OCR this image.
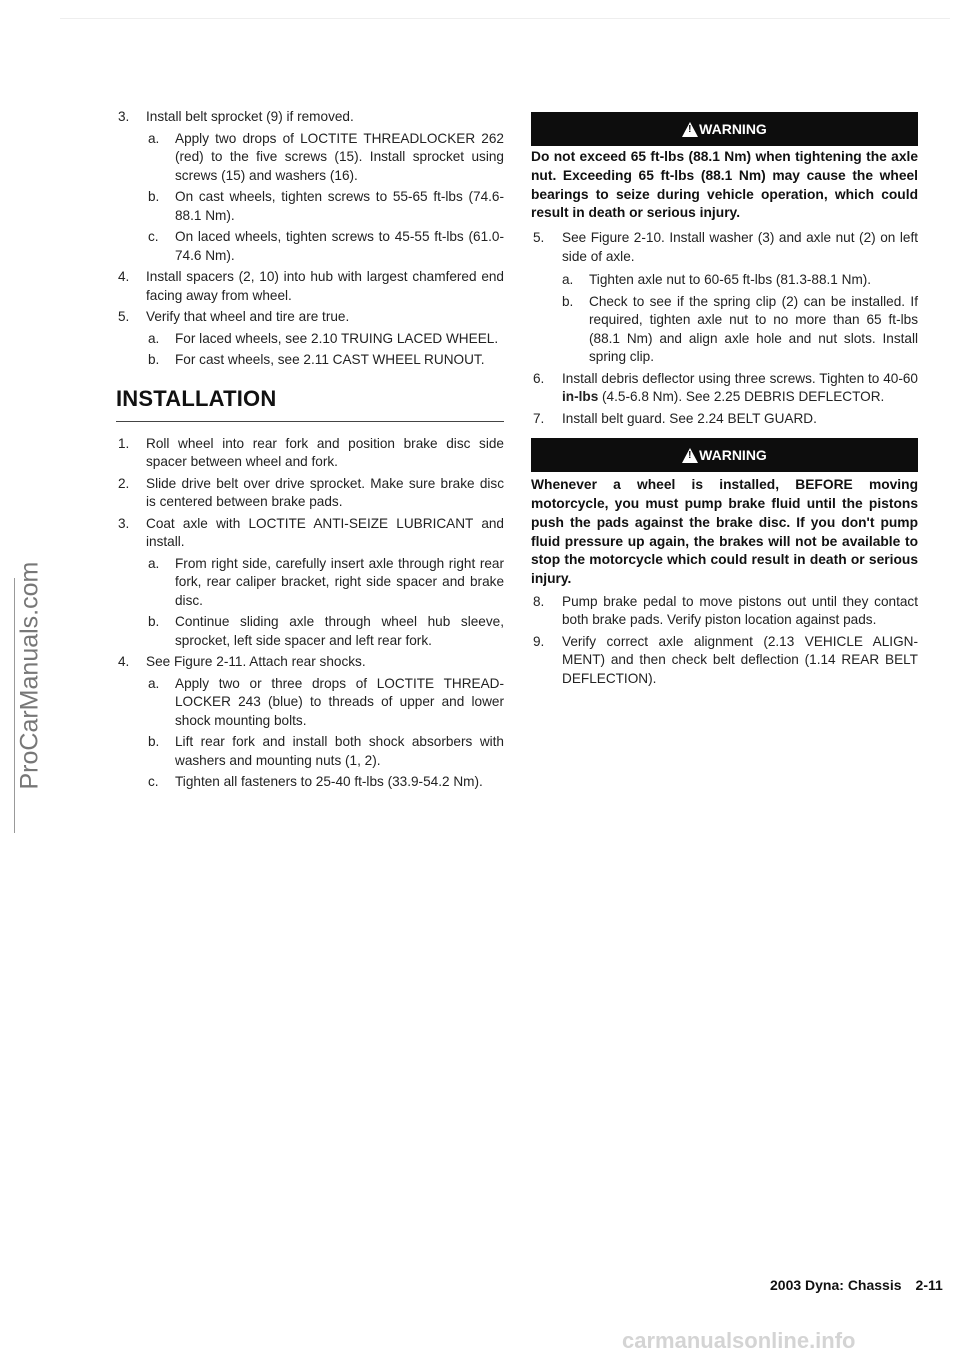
ProCarManuals.com
3.	Install belt sprocket (9) if removed.
a.	Apply two drops of LOCTITE THREADLOCKER 262 (red) to the five screws (15). Install sprocket using screws (15) and washers (16).
b.	On cast wheels, tighten screws to 55-65 ft-lbs (74.6-88.1 Nm).
c.	On laced wheels, tighten screws to 45-55 ft-lbs (61.0-74.6 Nm).
4.	Install spacers (2, 10) into hub with largest chamfered end facing away from wheel.
5.	Verify that wheel and tire are true.
a.	For laced wheels, see 2.10 TRUING LACED WHEEL.
b.	For cast wheels, see 2.11 CAST WHEEL RUNOUT.
INSTALLATION
1.	Roll wheel into rear fork and position brake disc side spacer between wheel and fork.
2.	Slide drive belt over drive sprocket. Make sure brake disc is centered between brake pads.
3.	Coat axle with LOCTITE ANTI-SEIZE LUBRICANT and install.
a.	From right side, carefully insert axle through right rear fork, rear caliper bracket, right side spacer and brake disc.
b.	Continue sliding axle through wheel hub sleeve, sprocket, left side spacer and left rear fork.
4.	See Figure 2-11. Attach rear shocks.
a.	Apply two or three drops of LOCTITE THREAD-LOCKER 243 (blue) to threads of upper and lower shock mounting bolts.
b.	Lift rear fork and install both shock absorbers with washers and mounting nuts (1, 2).
c.	Tighten all fasteners to 25-40 ft-lbs (33.9-54.2 Nm).
!
WARNING
Do not exceed 65 ft-lbs (88.1 Nm) when tightening the axle nut. Exceeding 65 ft-lbs (88.1 Nm) may cause the wheel bearings to seize during vehicle operation, which could result in death or serious injury.
5.	See Figure 2-10. Install washer (3) and axle nut (2) on left side of axle.
a.	Tighten axle nut to 60-65 ft-lbs (81.3-88.1 Nm).
b.	Check to see if the spring clip (2) can be installed. If required, tighten axle nut to no more than 65 ft-lbs (88.1 Nm) and align axle hole and nut slots. Install spring clip.
6.	Install debris deflector using three screws. Tighten to 40-60 in-lbs (4.5-6.8 Nm). See 2.25 DEBRIS DEFLECTOR.
7.	Install belt guard. See 2.24 BELT GUARD.
!
WARNING
Whenever a wheel is installed, BEFORE moving motorcycle, you must pump brake fluid until the pistons push the pads against the brake disc. If you don't pump fluid pressure up again, the brakes will not be available to stop the motorcycle which could result in death or serious injury.
8.	Pump brake pedal to move pistons out until they contact both brake pads. Verify piston location against pads.
9.	Verify correct axle alignment (2.13 VEHICLE ALIGN-MENT) and then check belt deflection (1.14 REAR BELT DEFLECTION).
2003 Dyna: Chassis 2-11
carmanualsonline.info
